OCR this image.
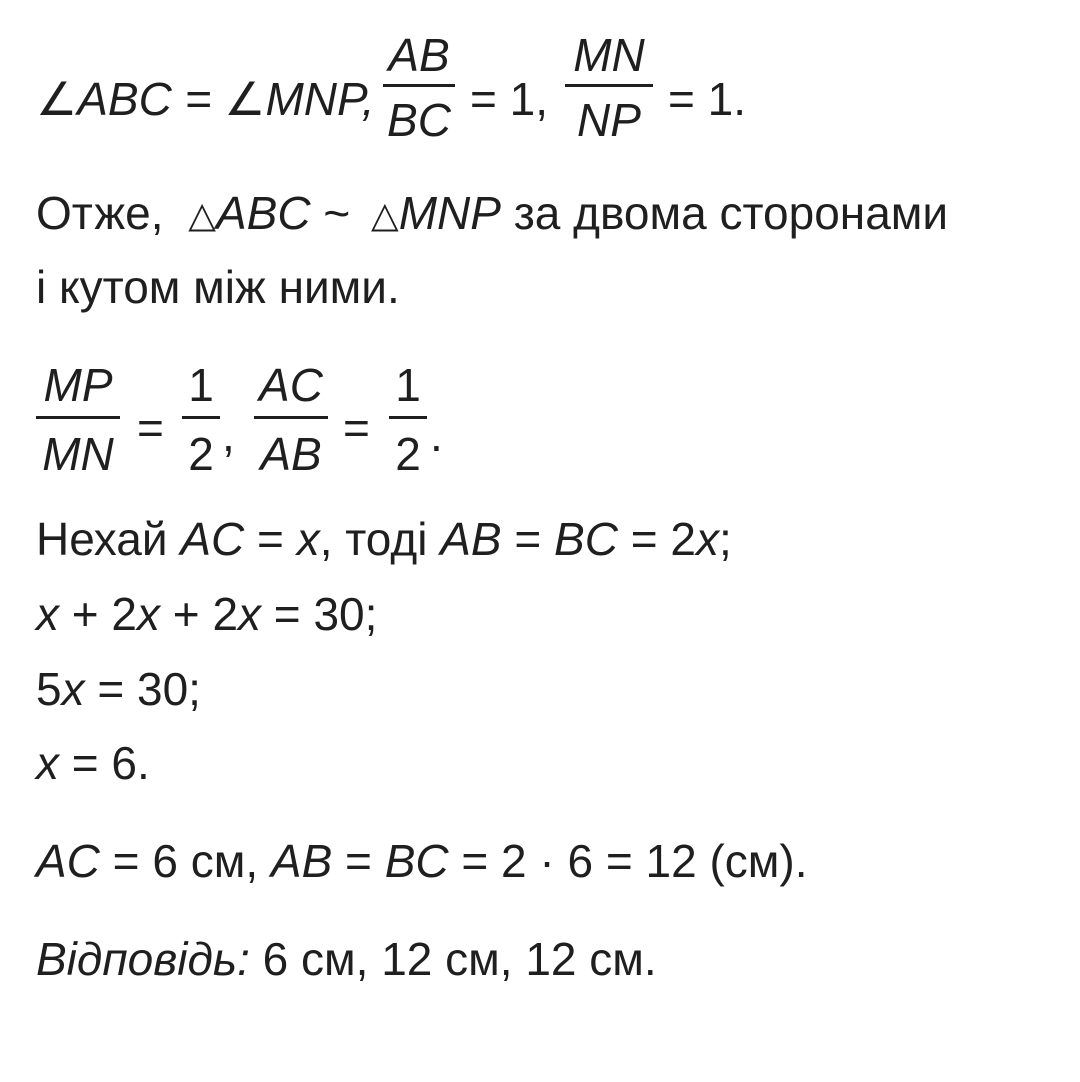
∠ABC = ∠MNP,
AB
BC = 1,
MN
NP = 1.
Отже, △ABC ~ △MNP за двома сторонами
і кутом між ними.
MP
MN =
1
2 ,
AC
AB =
1
2 .
Нехай AC = x, тоді AB = BC = 2x;
x + 2x + 2x = 30;
5x = 30;
x = 6.
AC = 6 см, AB = BC = 2 · 6 = 12 (см).
Відповідь: 6 см, 12 см, 12 см.
